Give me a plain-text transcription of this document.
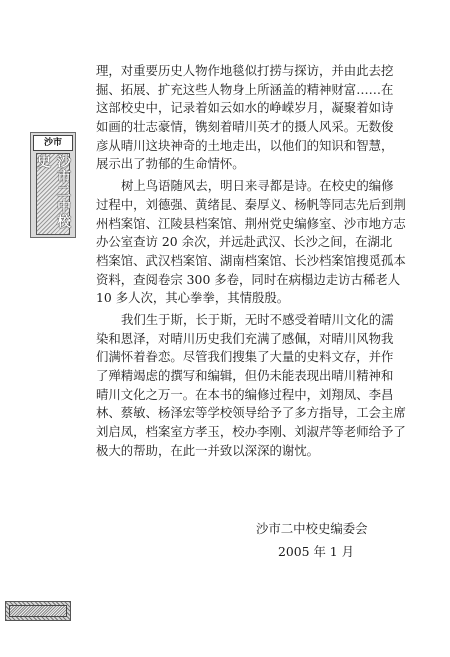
沙市
沙市二中校史
理，对重要历史人物作地毯似打捞与探访，并由此去挖
掘、拓展、扩充这些人物身上所涵盖的精神财富……在
这部校史中，记录着如云如水的峥嵘岁月，凝聚着如诗
如画的壮志豪情，镌刻着晴川英才的摄人风采。无数俊
彦从晴川这块神奇的土地走出，以他们的知识和智慧，
展示出了勃郁的生命情怀。
树上鸟语随风去，明日来寻都是诗。在校史的编修
过程中，刘德强、黄绪昆、秦厚义、杨帆等同志先后到荆
州档案馆、江陵县档案馆、荆州党史编修室、沙市地方志
办公室查访 20 余次，并远赴武汉、长沙之间，在湖北
档案馆、武汉档案馆、湖南档案馆、长沙档案馆搜觅孤本
资料，查阅卷宗 300 多卷，同时在病榻边走访古稀老人
10 多人次，其心拳拳，其情殷殷。
我们生于斯，长于斯，无时不感受着晴川文化的濡
染和恩泽，对晴川历史我们充满了感佩，对晴川风物我
们满怀着眷恋。尽管我们搜集了大量的史料文存，并作
了殚精竭虑的撰写和编辑，但仍未能表现出晴川精神和
晴川文化之万一。在本书的编修过程中，刘翔凤、李昌
林、蔡敏、杨泽宏等学校领导给予了多方指导，工会主席
刘启凤，档案室方孝玉，校办李刚、刘淑芹等老师给予了
极大的帮助，在此一并致以深深的谢忱。
沙市二中校史编委会
2005 年 1 月
